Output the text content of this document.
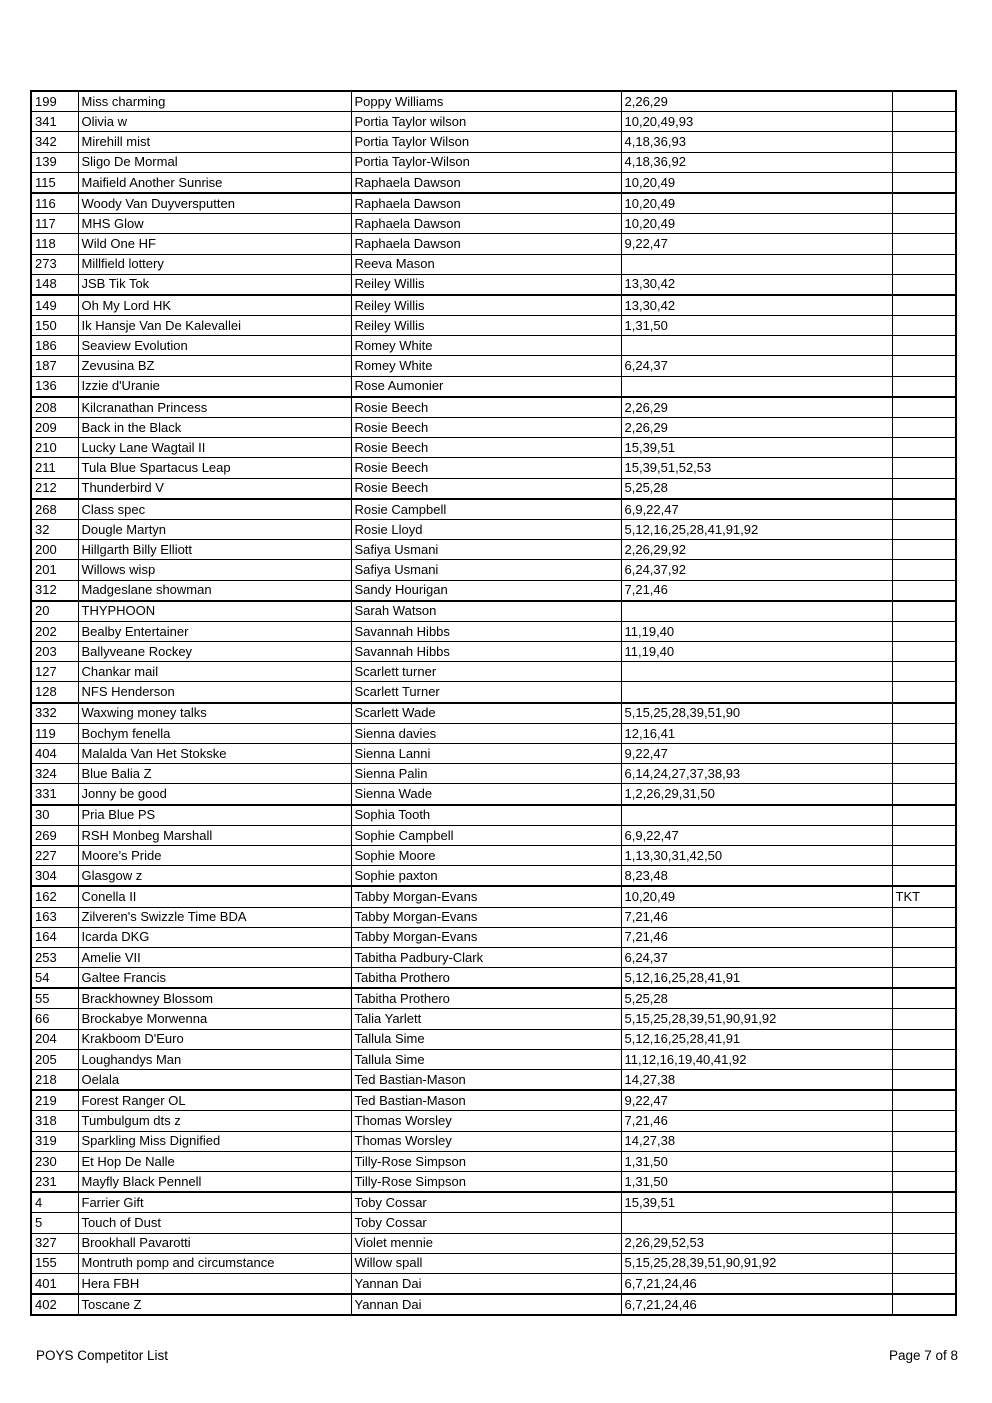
199	Miss charming	Poppy Williams	2,26,29	
341	Olivia w	Portia Taylor wilson	10,20,49,93	
342	Mirehill mist	Portia Taylor Wilson	4,18,36,93	
139	Sligo De Mormal	Portia Taylor-Wilson	4,18,36,92	
115	Maifield Another Sunrise	Raphaela Dawson	10,20,49	
116	Woody Van Duyversputten	Raphaela Dawson	10,20,49	
117	MHS Glow	Raphaela Dawson	10,20,49	
118	Wild One HF	Raphaela Dawson	9,22,47	
273	Millfield lottery	Reeva Mason		
148	JSB Tik Tok	Reiley Willis	13,30,42	
149	Oh My Lord HK	Reiley Willis	13,30,42	
150	Ik Hansje Van De Kalevallei	Reiley Willis	1,31,50	
186	Seaview Evolution	Romey White		
187	Zevusina BZ	Romey White	6,24,37	
136	Izzie d'Uranie	Rose Aumonier		
208	Kilcranathan Princess	Rosie Beech	2,26,29	
209	Back in the Black	Rosie Beech	2,26,29	
210	Lucky Lane Wagtail II	Rosie Beech	15,39,51	
211	Tula Blue Spartacus Leap	Rosie Beech	15,39,51,52,53	
212	Thunderbird V	Rosie Beech	5,25,28	
268	Class spec	Rosie Campbell	6,9,22,47	
32	Dougle Martyn	Rosie Lloyd	5,12,16,25,28,41,91,92	
200	Hillgarth Billy Elliott	Safiya Usmani	2,26,29,92	
201	Willows wisp	Safiya Usmani	6,24,37,92	
312	Madgeslane showman	Sandy Hourigan	7,21,46	
20	THYPHOON	Sarah Watson		
202	Bealby Entertainer	Savannah Hibbs	11,19,40	
203	Ballyveane Rockey	Savannah Hibbs	11,19,40	
127	Chankar mail	Scarlett turner		
128	NFS Henderson	Scarlett Turner		
332	Waxwing money talks	Scarlett Wade	5,15,25,28,39,51,90	
119	Bochym fenella	Sienna davies	12,16,41	
404	Malalda Van Het Stokske	Sienna Lanni	9,22,47	
324	Blue Balia Z	Sienna Palin	6,14,24,27,37,38,93	
331	Jonny be good	Sienna Wade	1,2,26,29,31,50	
30	Pria Blue PS	Sophia Tooth		
269	RSH Monbeg Marshall	Sophie Campbell	6,9,22,47	
227	Moore’s Pride	Sophie Moore	1,13,30,31,42,50	
304	Glasgow z	Sophie paxton	8,23,48	
162	Conella II	Tabby Morgan-Evans	10,20,49	TKT
163	Zilveren's Swizzle Time BDA	Tabby Morgan-Evans	7,21,46	
164	Icarda DKG	Tabby Morgan-Evans	7,21,46	
253	Amelie VII	Tabitha Padbury-Clark	6,24,37	
54	Galtee Francis	Tabitha Prothero	5,12,16,25,28,41,91	
55	Brackhowney Blossom	Tabitha Prothero	5,25,28	
66	Brockabye Morwenna	Talia Yarlett	5,15,25,28,39,51,90,91,92	
204	Krakboom D'Euro	Tallula Sime	5,12,16,25,28,41,91	
205	Loughandys Man	Tallula Sime	11,12,16,19,40,41,92	
218	Oelala	Ted Bastian-Mason	14,27,38	
219	Forest Ranger OL	Ted Bastian-Mason	9,22,47	
318	Tumbulgum dts z	Thomas Worsley	7,21,46	
319	Sparkling Miss Dignified	Thomas Worsley	14,27,38	
230	Et Hop De Nalle	Tilly-Rose Simpson	1,31,50	
231	Mayfly Black Pennell	Tilly-Rose Simpson	1,31,50	
4	Farrier Gift	Toby Cossar	15,39,51	
5	Touch of Dust	Toby Cossar		
327	Brookhall Pavarotti	Violet mennie	2,26,29,52,53	
155	Montruth pomp and circumstance	Willow spall	5,15,25,28,39,51,90,91,92	
401	Hera FBH	Yannan Dai	6,7,21,24,46	
402	Toscane Z	Yannan Dai	6,7,21,24,46	
POYS Competitor List	Page 7 of 8
